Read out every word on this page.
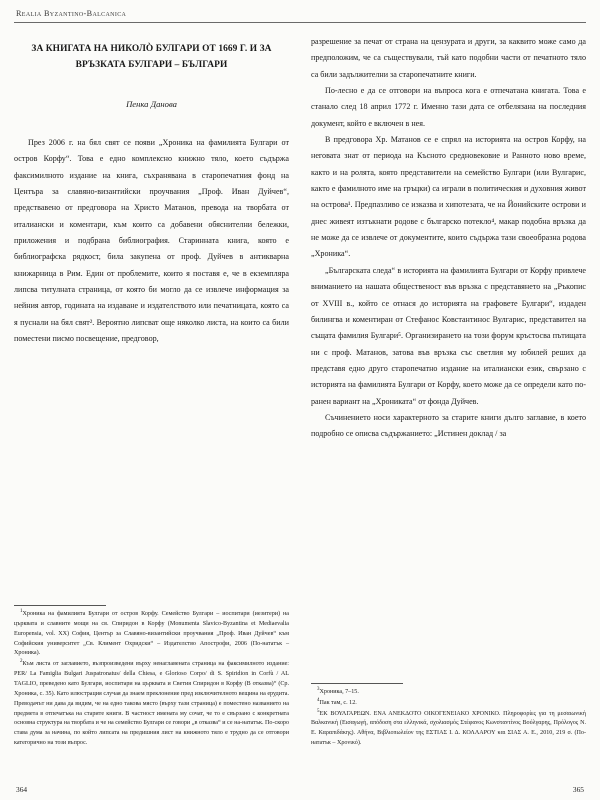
Realia Byzantino-Balcanica
ЗА КНИГАТА НА НИКОЛÒ БУЛГАРИ ОТ 1669 Г. И ЗА
ВРЪЗКАТА БУЛГАРИ – БЪЛГАРИ
Пенка Данова

През 2006 г. на бял свят се появи „Хроника на фамилията Булгари от остров Корфу“. Това е едно комплексно книжно тяло, което съдържа факсимилното издание на книга, съхранявана в старопечатния фонд на Центъра за славяно-византийски проучвания „Проф. Иван Дуйчев“, предствавено от предговора на Христо Матанов, превода на творбата от италиански и коментари, към които са добавени обяснителни бележки, приложения и подбрана библиография. Старинната книга, която е библиографска рядкост, била закупена от проф. Дуйчев в антикварна книжарница в Рим. Един от проблемите, които я поставя е, че в екземпляра липсва титулната страница, от която би могло да се извлече информация за нейния автор, годината на издаване и издателството или печатницата, която са я пуснали на бял свят². Вероятно липсват още няколко листа, на които са били поместени писмо посвещение, предговор,

$^1$Хроника на фамилията Булгари от остров Корфу. Семейство Булгари – иоспитари (иезитери) на църквата и славните мощи на св. Спиридон в Корфу (Monumenta Slavico-Byzantina et Mediaevalia Europensia, vol. XX) София, Център за Славяно-византийски проучвания „Проф. Иван Дуйчев“ към Софийския университет „Св. Климент Охридски“ – Издателство Апострофи, 2006 (По-нататък – Хроника).

$^2$Към листа от заглавието, възпроизведени върху ненаглавената страница на факсимилното издание: PER/ La Famiglia Bulgari Juspatronatus/ della Chiesa, e Glorioso Corpo/ di S. Spiridion in Corfù / AL TAGLIO, преведено като Булгари, иоспитари на църквата и Светия Спиридон в Корфу (В отказва)“ (Ср. Хроника, с. 35). Като илюстрация случая да знаем преклонение пред изключителното вещина на ерудита. Преводачът ни дава да видим, че на едно такова място (върху тази страница) е поместено названието на предмета в отпечатъка на старите книги. В частност имената му сочат, че то е свързано с конкретната основна структура на творбата и че на семейство Булгари се говори „в отказва“ и се на-нататък. По-скоро става дума за начина, по който липсата на предишния лист на книжното тяло е трудно да се отговори категорично на този въпрос.

разрешение за печат от страна на цензурата и други, за каквито може само да предположим, че са съществували, тъй като подобни части от печатното тяло са били задължителни за старопечатните книги.

По-лесно е да се отговори на въпроса кога е отпечатана книгата. Това е станало след 18 април 1772 г. Именно тази дата се отбелязана на последния документ, който е включен в нея.

В предговора Хр. Матанов се е спрял на историята на остров Корфу, на неговата знат от периода на Късното средновековие и Ранното ново време, както и на ролята, която представители на семейство Булгари (или Вулгарис, както е фамилното име на гръцки) са играли в политическия и духовния живот на острова¹. Предпазливо се изказва и хипотезата, че на Йонийските острови и днес живеят изтъкнати родове с българско потекло⁴, макар подобна връзка да не може да се извлече от документите, които съдържа тази своеобразна родова „Хроника“.

„Българската следа“ в историята на фамилията Булгари от Корфу привлече вниманието на нашата общественост във връзка с представянето на „Ръкопис от XVIII в., който се отнася до историята на графовете Булгари“, издаден билингва и коментиран от Стефанос Ковстантинос Вулгарис, представител на същата фамилия Булгари⁵. Организирането на този форум кръстосва пътищата ни с проф. Матанов, затова във връзка със светлия му юбилей реших да представя едно друго старопечатно издание на италиански език, свързано с историята на фамилията Булгари от Корфу, което може да се определи като по-ранен вариант на „Хрониката“ от фонда Дуйчев.

Съчинението носи характерното за старите книги дълго заглавие, в което подробно се описва съдържанието: „Истинен доклад / за

$^3$Хроника, 7–15.

$^4$Пак там, с. 12.

$^5$ΕΚ ΒΟΥΛΓΑΡΕΩΝ. ΕΝΑ ΑΝΕΚΔΟΤΟ ΟΙΚΟΓΕΝΕΙΑΚΟ ΧΡΟΝΙΚΟ. Πληροφορίες για τη μεσαιωνική Βαλκανική (Εισαγωγή, απόδοση στα ελληνικά, σχολιασμός Στέφανος Κωνσταντίνος Βούλγαρης, Πρόλογος Ν. Ε. Καραπιδάκης). Αθήνα, Βιβλιοπωλείον της ΕΣΤΙΑΣ Ι. Δ. ΚΟΛΛΑΡΟΥ και ΣΙΑΣ Α. Ε., 2010, 219 σ. (По-нататък – Χρονικό).

364	365
